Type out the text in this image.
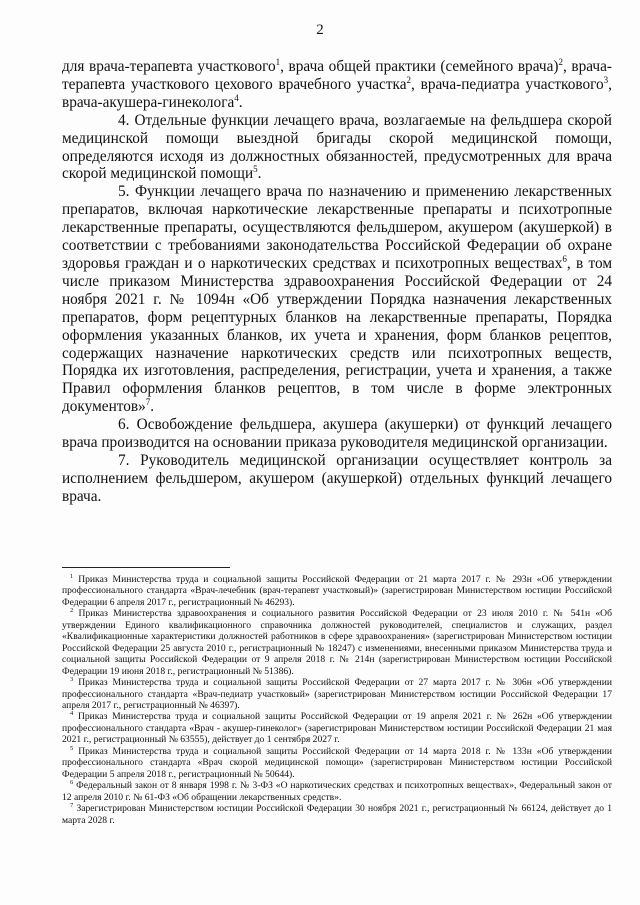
2

для врача-терапевта участкового$^1$, врача общей практики (семейного врача)$^2$, врача-терапевта участкового цехового врачебного участка$^2$, врача-педиатра участкового$^3$, врача-акушера-гинеколога$^4$.

4. Отдельные функции лечащего врача, возлагаемые на фельдшера скорой медицинской помощи выездной бригады скорой медицинской помощи, определяются исходя из должностных обязанностей, предусмотренных для врача скорой медицинской помощи$^5$.

5. Функции лечащего врача по назначению и применению лекарственных препаратов, включая наркотические лекарственные препараты и психотропные лекарственные препараты, осуществляются фельдшером, акушером (акушеркой) в соответствии с требованиями законодательства Российской Федерации об охране здоровья граждан и о наркотических средствах и психотропных веществах$^6$, в том числе приказом Министерства здравоохранения Российской Федерации от 24 ноября 2021 г. № 1094н «Об утверждении Порядка назначения лекарственных препаратов, форм рецептурных бланков на лекарственные препараты, Порядка оформления указанных бланков, их учета и хранения, форм бланков рецептов, содержащих назначение наркотических средств или психотропных веществ, Порядка их изготовления, распределения, регистрации, учета и хранения, а также Правил оформления бланков рецептов, в том числе в форме электронных документов»$^7$.

6. Освобождение фельдшера, акушера (акушерки) от функций лечащего врача производится на основании приказа руководителя медицинской организации.

7. Руководитель медицинской организации осуществляет контроль за исполнением фельдшером, акушером (акушеркой) отдельных функций лечащего врача.

$^1$ Приказ Министерства труда и социальной защиты Российской Федерации от 21 марта 2017 г. № 293н «Об утверждении профессионального стандарта «Врач-лечебник (врач-терапевт участковый)» (зарегистрирован Министерством юстиции Российской Федерации 6 апреля 2017 г., регистрационный № 46293).

$^2$ Приказ Министерства здравоохранения и социального развития Российской Федерации от 23 июля 2010 г. № 541н «Об утверждении Единого квалификационного справочника должностей руководителей, специалистов и служащих, раздел «Квалификационные характеристики должностей работников в сфере здравоохранения» (зарегистрирован Министерством юстиции Российской Федерации 25 августа 2010 г., регистрационный № 18247) с изменениями, внесенными приказом Министерства труда и социальной защиты Российской Федерации от 9 апреля 2018 г. № 214н (зарегистрирован Министерством юстиции Российской Федерации 19 июня 2018 г., регистрационный № 51386).

$^3$ Приказ Министерства труда и социальной защиты Российской Федерации от 27 марта 2017 г. № 306н «Об утверждении профессионального стандарта «Врач-педиатр участковый» (зарегистрирован Министерством юстиции Российской Федерации 17 апреля 2017 г., регистрационный № 46397).

$^4$ Приказ Министерства труда и социальной защиты Российской Федерации от 19 апреля 2021 г. № 262н «Об утверждении профессионального стандарта «Врач - акушер-гинеколог» (зарегистрирован Министерством юстиции Российской Федерации 21 мая 2021 г., регистрационный № 63555), действует до 1 сентября 2027 г.

$^5$ Приказ Министерства труда и социальной защиты Российской Федерации от 14 марта 2018 г. № 133н «Об утверждении профессионального стандарта «Врач скорой медицинской помощи» (зарегистрирован Министерством юстиции Российской Федерации 5 апреля 2018 г., регистрационный № 50644).

$^6$ Федеральный закон от 8 января 1998 г. № 3-ФЗ «О наркотических средствах и психотропных веществах», Федеральный закон от 12 апреля 2010 г. № 61-ФЗ «Об обращении лекарственных средств».

$^7$ Зарегистрирован Министерством юстиции Российской Федерации 30 ноября 2021 г., регистрационный № 66124, действует до 1 марта 2028 г.
